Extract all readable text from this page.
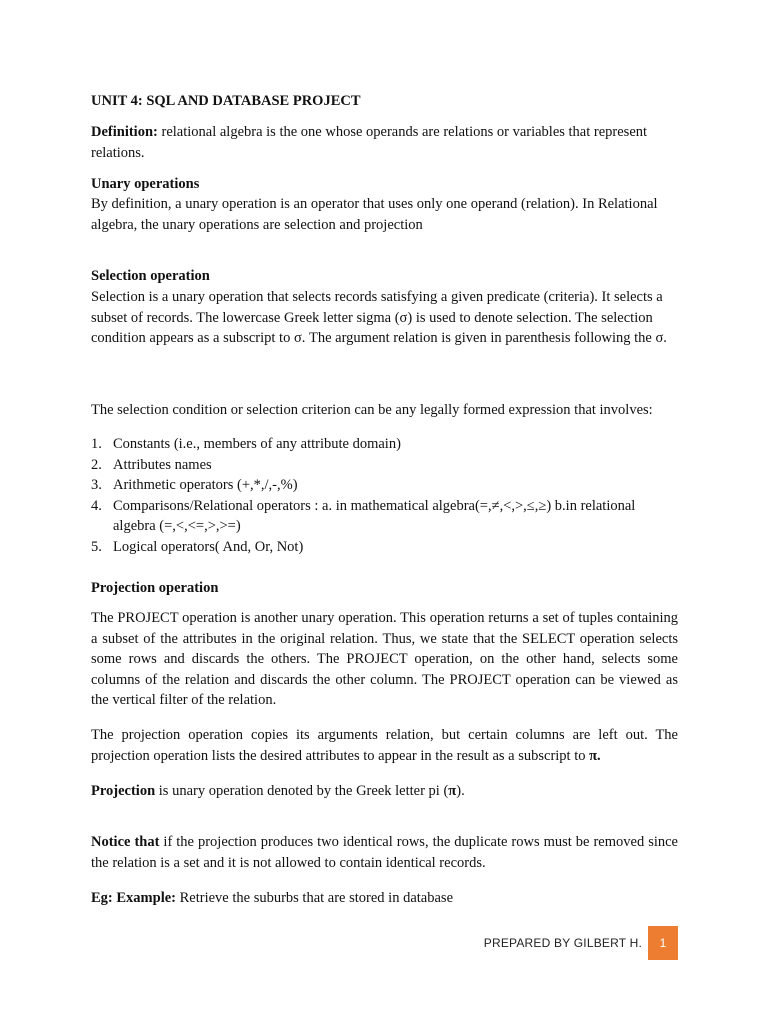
UNIT 4: SQL AND DATABASE PROJECT

Definition: relational algebra is the one whose operands are relations or variables that represent relations.

Unary operations

By definition, a unary operation is an operator that uses only one operand (relation). In Relational algebra, the unary operations are selection and projection

Selection operation

Selection is a unary operation that selects records satisfying a given predicate (criteria). It selects a subset of records. The lowercase Greek letter sigma (σ) is used to denote selection. The selection condition appears as a subscript to σ. The argument relation is given in parenthesis following the σ.

The selection condition or selection criterion can be any legally formed expression that involves:

1. Constants (i.e., members of any attribute domain)
2. Attributes names
3. Arithmetic operators (+,*,/,-,%)
4. Comparisons/Relational operators : a. in mathematical algebra(=,≠,<,>,≤,≥) b.in relational algebra (=,<,<=,>,>=)
5. Logical operators( And, Or, Not)

Projection operation

The PROJECT operation is another unary operation. This operation returns a set of tuples containing a subset of the attributes in the original relation. Thus, we state that the SELECT operation selects some rows and discards the others. The PROJECT operation, on the other hand, selects some columns of the relation and discards the other column. The PROJECT operation can be viewed as the vertical filter of the relation.

The projection operation copies its arguments relation, but certain columns are left out. The projection operation lists the desired attributes to appear in the result as a subscript to π.

Projection is unary operation denoted by the Greek letter pi (π).

Notice that if the projection produces two identical rows, the duplicate rows must be removed since the relation is a set and it is not allowed to contain identical records.

Eg: Example: Retrieve the suburbs that are stored in database

PREPARED BY GILBERT H.	1
